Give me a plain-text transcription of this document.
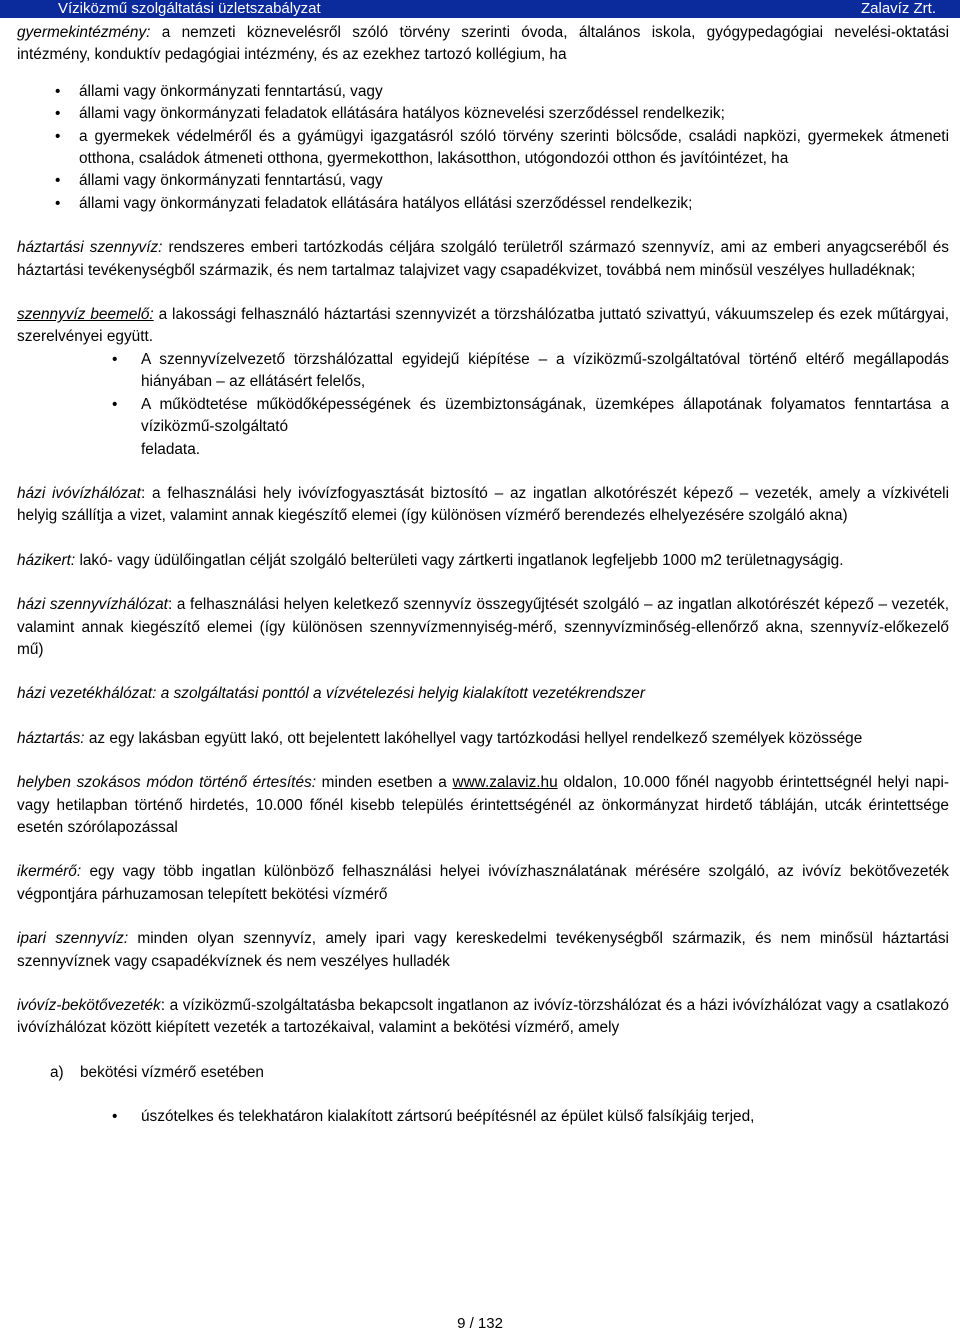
Víziközmű szolgáltatási üzletszabályzat	Zalavíz Zrt.

gyermekintézmény: a nemzeti köznevelésről szóló törvény szerinti óvoda, általános iskola, gyógypedagógiai nevelési-oktatási intézmény, konduktív pedagógiai intézmény, és az ezekhez tartozó kollégium, ha

• állami vagy önkormányzati fenntartású, vagy
• állami vagy önkormányzati feladatok ellátására hatályos köznevelési szerződéssel rendelkezik;
• a gyermekek védelméről és a gyámügyi igazgatásról szóló törvény szerinti bölcsőde, családi napközi, gyermekek átmeneti otthona, családok átmeneti otthona, gyermekotthon, lakásotthon, utógondozói otthon és javítóintézet, ha
• állami vagy önkormányzati fenntartású, vagy
• állami vagy önkormányzati feladatok ellátására hatályos ellátási szerződéssel rendelkezik;

háztartási szennyvíz: rendszeres emberi tartózkodás céljára szolgáló területről származó szennyvíz, ami az emberi anyagcseréből és háztartási tevékenységből származik, és nem tartalmaz talajvizet vagy csapadékvizet, továbbá nem minősül veszélyes hulladéknak;

szennyvíz beemelő: a lakossági felhasználó háztartási szennyvizét a törzshálózatba juttató szivattyú, vákuumszelep és ezek műtárgyai, szerelvényei együtt.

• A szennyvízelvezető törzshálózattal egyidejű kiépítése – a víziközmű-szolgáltatóval történő eltérő megállapodás hiányában – az ellátásért felelős,
• A működtetése működőképességének és üzembiztonságának, üzemképes állapotának folyamatos fenntartása a víziközmű-szolgáltató

feladata.

házi ivóvízhálózat: a felhasználási hely ivóvízfogyasztását biztosító – az ingatlan alkotórészét képező – vezeték, amely a vízkivételi helyig szállítja a vizet, valamint annak kiegészítő elemei (így különösen vízmérő berendezés elhelyezésére szolgáló akna)

házikert: lakó- vagy üdülőingatlan célját szolgáló belterületi vagy zártkerti ingatlanok legfeljebb 1000 m2 területnagyságig.

házi szennyvízhálózat: a felhasználási helyen keletkező szennyvíz összegyűjtését szolgáló – az ingatlan alkotórészét képező – vezeték, valamint annak kiegészítő elemei (így különösen szennyvízmennyiség-mérő, szennyvízminőség-ellenőrző akna, szennyvíz-előkezelő mű)

házi vezetékhálózat: a szolgáltatási ponttól a vízvételezési helyig kialakított vezetékrendszer

háztartás: az egy lakásban együtt lakó, ott bejelentett lakóhellyel vagy tartózkodási hellyel rendelkező személyek közössége

helyben szokásos módon történő értesítés: minden esetben a www.zalaviz.hu oldalon, 10.000 főnél nagyobb érintettségnél helyi napi- vagy hetilapban történő hirdetés, 10.000 főnél kisebb település érintettségénél az önkormányzat hirdető tábláján, utcák érintettsége esetén szórólapozással

ikermérő: egy vagy több ingatlan különböző felhasználási helyei ivóvízhasználatának mérésére szolgáló, az ivóvíz bekötővezeték végpontjára párhuzamosan telepített bekötési vízmérő

ipari szennyvíz: minden olyan szennyvíz, amely ipari vagy kereskedelmi tevékenységből származik, és nem minősül háztartási szennyvíznek vagy csapadékvíznek és nem veszélyes hulladék

ivóvíz-bekötővezeték: a víziközmű-szolgáltatásba bekapcsolt ingatlanon az ivóvíz-törzshálózat és a házi ivóvízhálózat vagy a csatlakozó ivóvízhálózat között kiépített vezeték a tartozékaival, valamint a bekötési vízmérő, amely

a) bekötési vízmérő esetében

• úszótelkes és telekhatáron kialakított zártsorú beépítésnél az épület külső falsíkjáig terjed,
9 / 132
